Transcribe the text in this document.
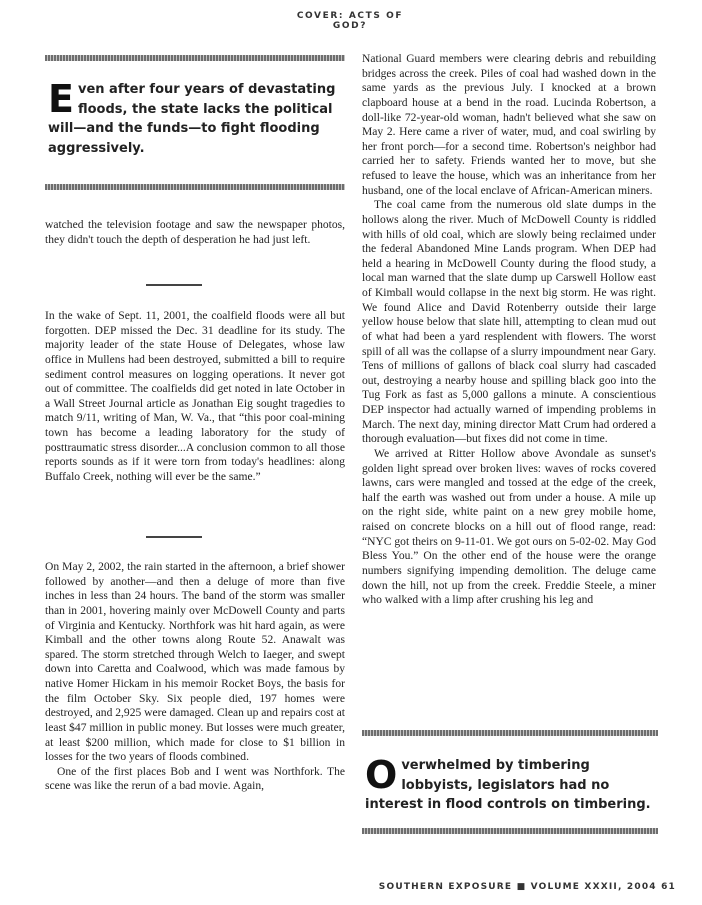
COVER: ACTS OF GOD?
Even after four years of devastating floods, the state lacks the political will—and the funds—to fight flooding aggressively.

watched the television footage and saw the newspaper photos, they didn't touch the depth of desperation he had just left.

In the wake of Sept. 11, 2001, the coalfield floods were all but forgotten. DEP missed the Dec. 31 deadline for its study. The majority leader of the state House of Delegates, whose law office in Mullens had been destroyed, submitted a bill to require sediment control measures on logging operations. It never got out of committee. The coalfields did get noted in late October in a Wall Street Journal article as Jonathan Eig sought tragedies to match 9/11, writing of Man, W. Va., that “this poor coal-mining town has become a leading laboratory for the study of posttraumatic stress disorder...A conclusion common to all those reports sounds as if it were torn from today's headlines: along Buffalo Creek, nothing will ever be the same.”

On May 2, 2002, the rain started in the afternoon, a brief shower followed by another—and then a deluge of more than five inches in less than 24 hours. The band of the storm was smaller than in 2001, hovering mainly over McDowell County and parts of Virginia and Kentucky. Northfork was hit hard again, as were Kimball and the other towns along Route 52. Anawalt was spared. The storm stretched through Welch to Iaeger, and swept down into Caretta and Coalwood, which was made famous by native Homer Hickam in his memoir Rocket Boys, the basis for the film October Sky. Six people died, 197 homes were destroyed, and 2,925 were damaged. Clean up and repairs cost at least $47 million in public money. But losses were much greater, at least $200 million, which made for close to $1 billion in losses for the two years of floods combined.

One of the first places Bob and I went was Northfork. The scene was like the rerun of a bad movie. Again,

National Guard members were clearing debris and rebuilding bridges across the creek. Piles of coal had washed down in the same yards as the previous July. I knocked at a brown clapboard house at a bend in the road. Lucinda Robertson, a doll-like 72-year-old woman, hadn't believed what she saw on May 2. Here came a river of water, mud, and coal swirling by her front porch—for a second time. Robertson's neighbor had carried her to safety. Friends wanted her to move, but she refused to leave the house, which was an inheritance from her husband, one of the local enclave of African-American miners.

The coal came from the numerous old slate dumps in the hollows along the river. Much of McDowell County is riddled with hills of old coal, which are slowly being reclaimed under the federal Abandoned Mine Lands program. When DEP had held a hearing in McDowell County during the flood study, a local man warned that the slate dump up Carswell Hollow east of Kimball would collapse in the next big storm. He was right. We found Alice and David Rotenberry outside their large yellow house below that slate hill, attempting to clean mud out of what had been a yard resplendent with flowers. The worst spill of all was the collapse of a slurry impoundment near Gary. Tens of millions of gallons of black coal slurry had cascaded out, destroying a nearby house and spilling black goo into the Tug Fork as fast as 5,000 gallons a minute. A conscientious DEP inspector had actually warned of impending problems in March. The next day, mining director Matt Crum had ordered a thorough evaluation—but fixes did not come in time.

We arrived at Ritter Hollow above Avondale as sunset's golden light spread over broken lives: waves of rocks covered lawns, cars were mangled and tossed at the edge of the creek, half the earth was washed out from under a house. A mile up on the right side, white paint on a new grey mobile home, raised on concrete blocks on a hill out of flood range, read: “NYC got theirs on 9-11-01. We got ours on 5-02-02. May God Bless You.” On the other end of the house were the orange numbers signifying impending demolition. The deluge came down the hill, not up from the creek. Freddie Steele, a miner who walked with a limp after crushing his leg and

Overwhelmed by timbering lobbyists, legislators had no interest in flood controls on timbering.
SOUTHERN EXPOSURE ■ VOLUME XXXII, 2004 61
